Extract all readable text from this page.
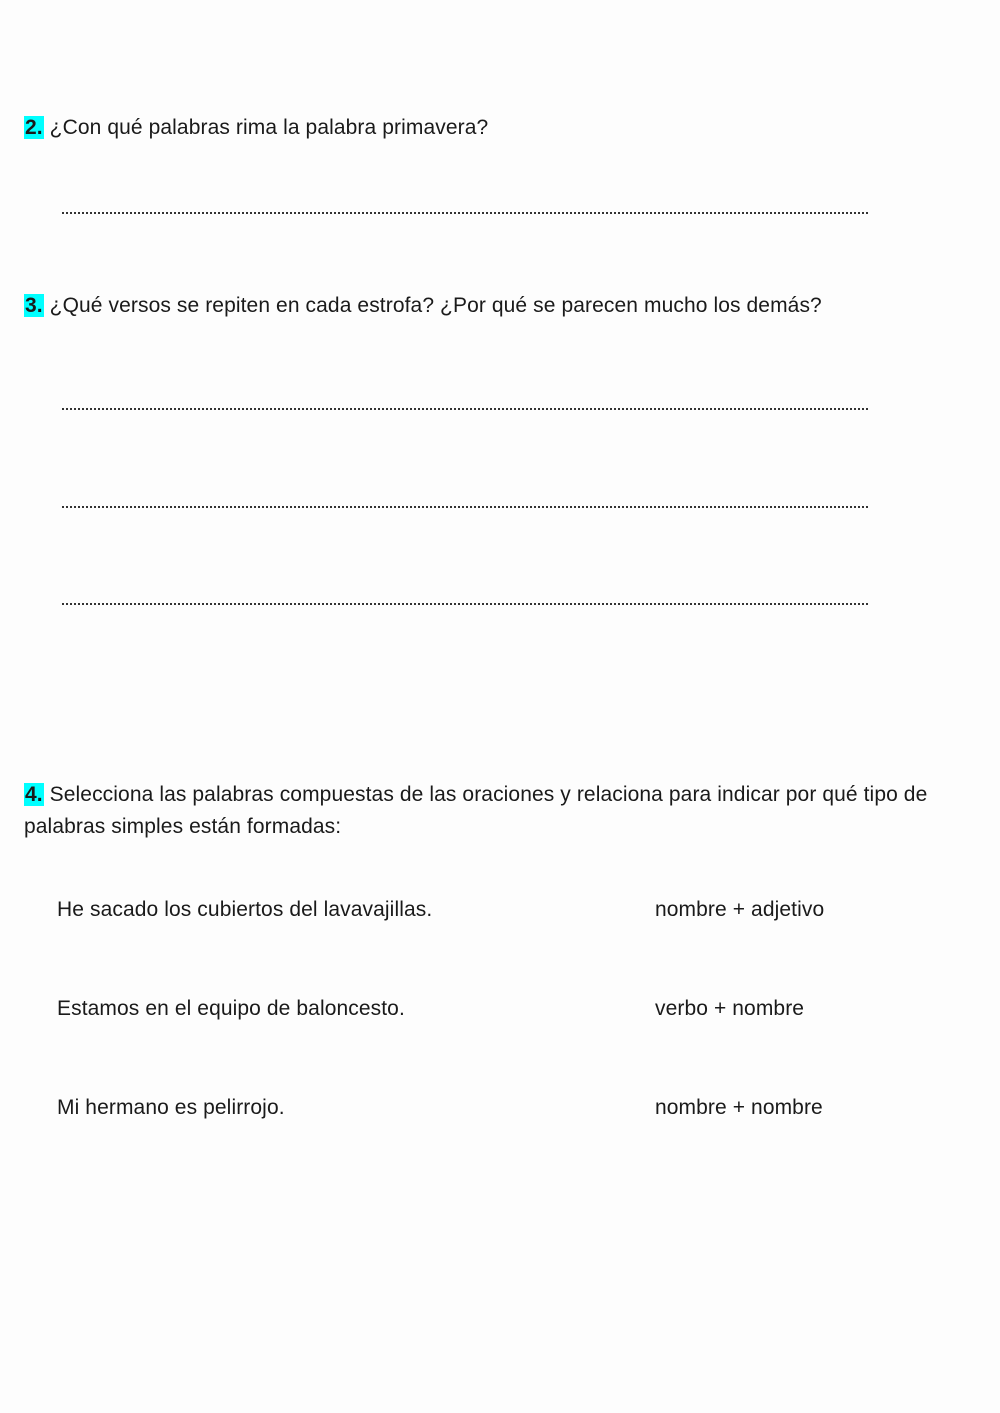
2. ¿Con qué palabras rima la palabra primavera?
3. ¿Qué versos se repiten en cada estrofa? ¿Por qué se parecen mucho los demás?
4. Selecciona las palabras compuestas de las oraciones y relaciona para indicar por qué tipo de palabras simples están formadas:
He sacado los cubiertos del lavavajillas.	nombre + adjetivo
Estamos en el equipo de baloncesto.	verbo + nombre
Mi hermano es pelirrojo.	nombre + nombre
